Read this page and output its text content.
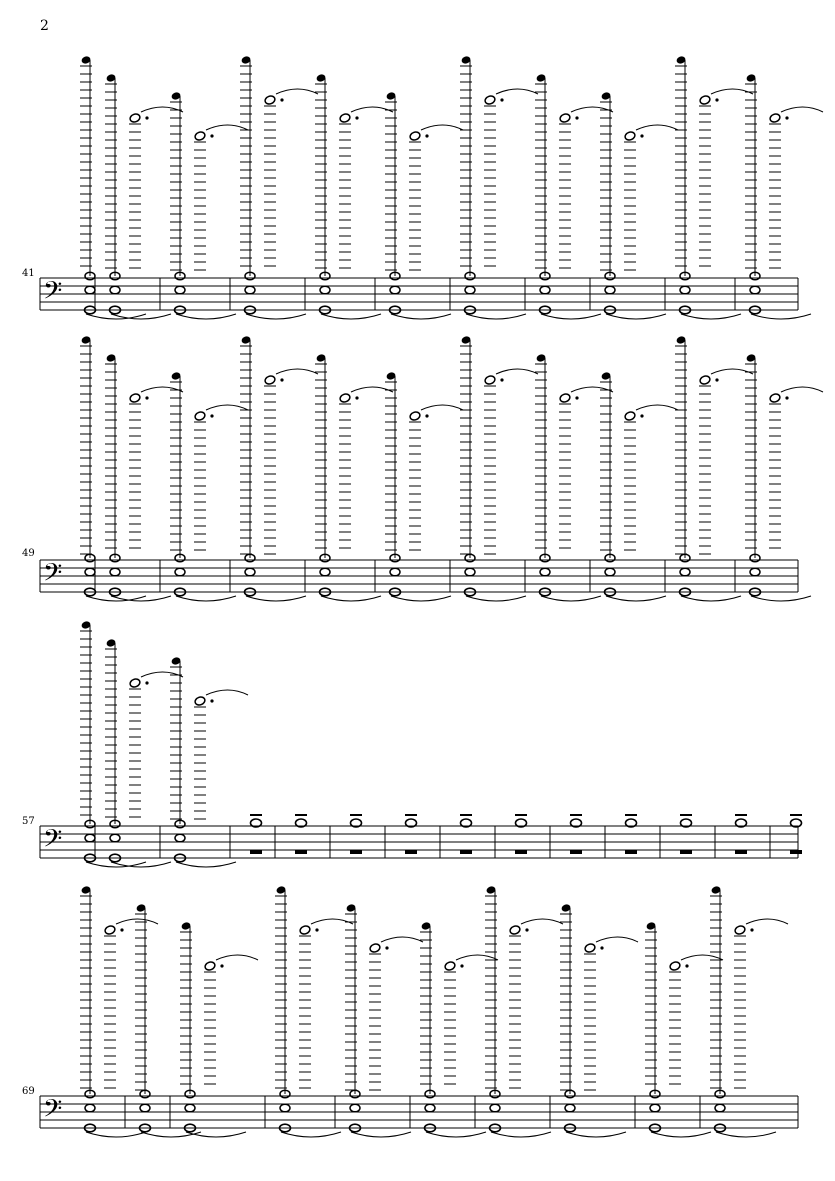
2
41
49
57
69
𝄢
𝄢
𝄢
𝄢
